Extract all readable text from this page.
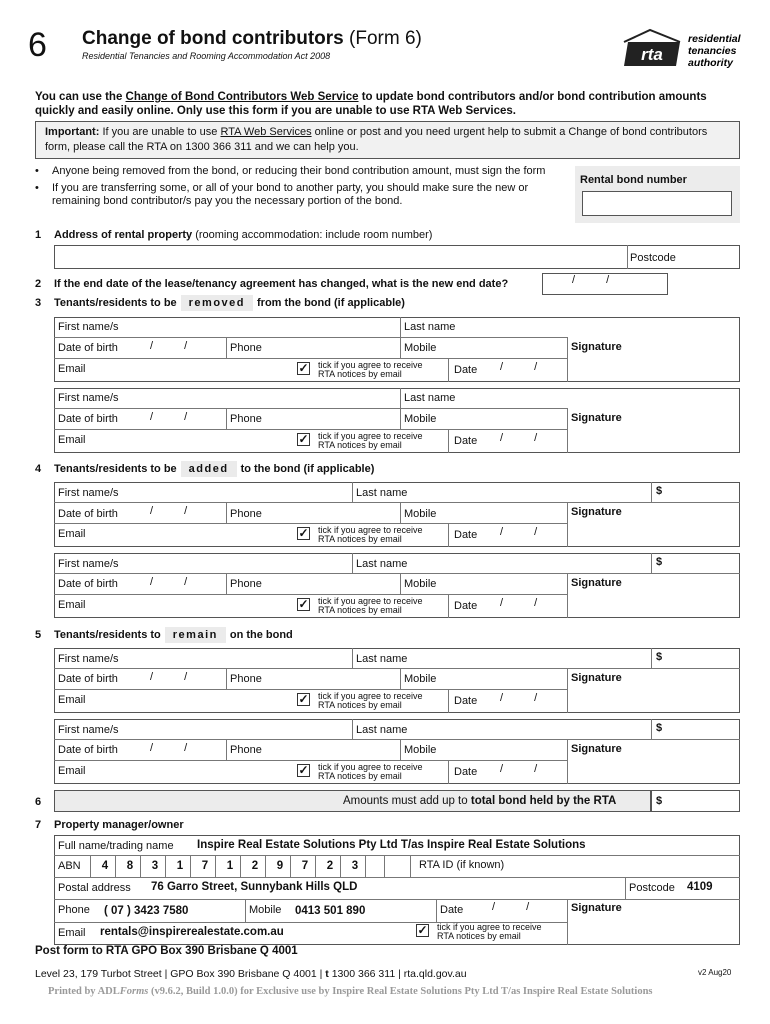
6 Change of bond contributors (Form 6)
Residential Tenancies and Rooming Accommodation Act 2008	rta
residential
tenancies
authority
You can use the Change of Bond Contributors Web Service to update bond contributors and/or bond contribution amounts quickly and easily online. Only use this form if you are unable to use RTA Web Services.
Important: If you are unable to use RTA Web Services online or post and you need urgent help to submit a Change of bond contributors form, please call the RTA on 1300 366 311 and we can help you.
• Anyone being removed from the bond, or reducing their bond contribution amount, must sign the form
• If you are transferring some, or all of your bond to another party, you should make sure the new or remaining bond contributor/s pay you the necessary portion of the bond.
Rental bond number
1 Address of rental property (rooming accommodation: include room number)
Postcode
2 If the end date of the lease/tenancy agreement has changed, what is the new end date?	/ /
3 Tenants/residents to be removed from the bond (if applicable)
First name/s	Last name
Date of birth	/ /	Phone	Mobile
Email	✓ tick if you agree to receive
RTA notices by email	Date / /
Signature
First name/s	Last name
Date of birth	/ /	Phone	Mobile
Email	✓ tick if you agree to receive
RTA notices by email	Date / /
Signature
4 Tenants/residents to be added to the bond (if applicable)
First name/s	Last name	$
Date of birth	/ /	Phone	Mobile
Email	✓ tick if you agree to receive
RTA notices by email	Date / /
Signature
First name/s	Last name	$
Date of birth	/ /	Phone	Mobile
Email	✓ tick if you agree to receive
RTA notices by email	Date / /
Signature
5 Tenants/residents to remain on the bond
First name/s	Last name	$
Date of birth	/ /	Phone	Mobile
Email	✓ tick if you agree to receive
RTA notices by email	Date / /
Signature
First name/s	Last name	$
Date of birth	/ /	Phone	Mobile
Email	✓ tick if you agree to receive
RTA notices by email	Date / /
Signature
6	Amounts must add up to total bond held by the RTA	$
7 Property manager/owner
Full name/trading name Inspire Real Estate Solutions Pty Ltd T/as Inspire Real Estate Solutions
ABN	4	8	3	1	7	1	2	9	7	2	3	RTA ID (if known)
Postal address 76 Garro Street, Sunnybank Hills QLD	Postcode 4109
Phone ( 07 ) 3423 7580	Mobile 0413 501 890	Date	/ /	Signature
Email rentals@inspirerealestate.com.au	✓ tick if you agree to receive
RTA notices by email
Post form to RTA GPO Box 390 Brisbane Q 4001
Level 23, 179 Turbot Street | GPO Box 390 Brisbane Q 4001 | t 1300 366 311 | rta.qld.gov.au	v2 Aug20
Printed by ADLForms (v9.6.2, Build 1.0.0) for Exclusive use by Inspire Real Estate Solutions Pty Ltd T/as Inspire Real Estate Solutions
